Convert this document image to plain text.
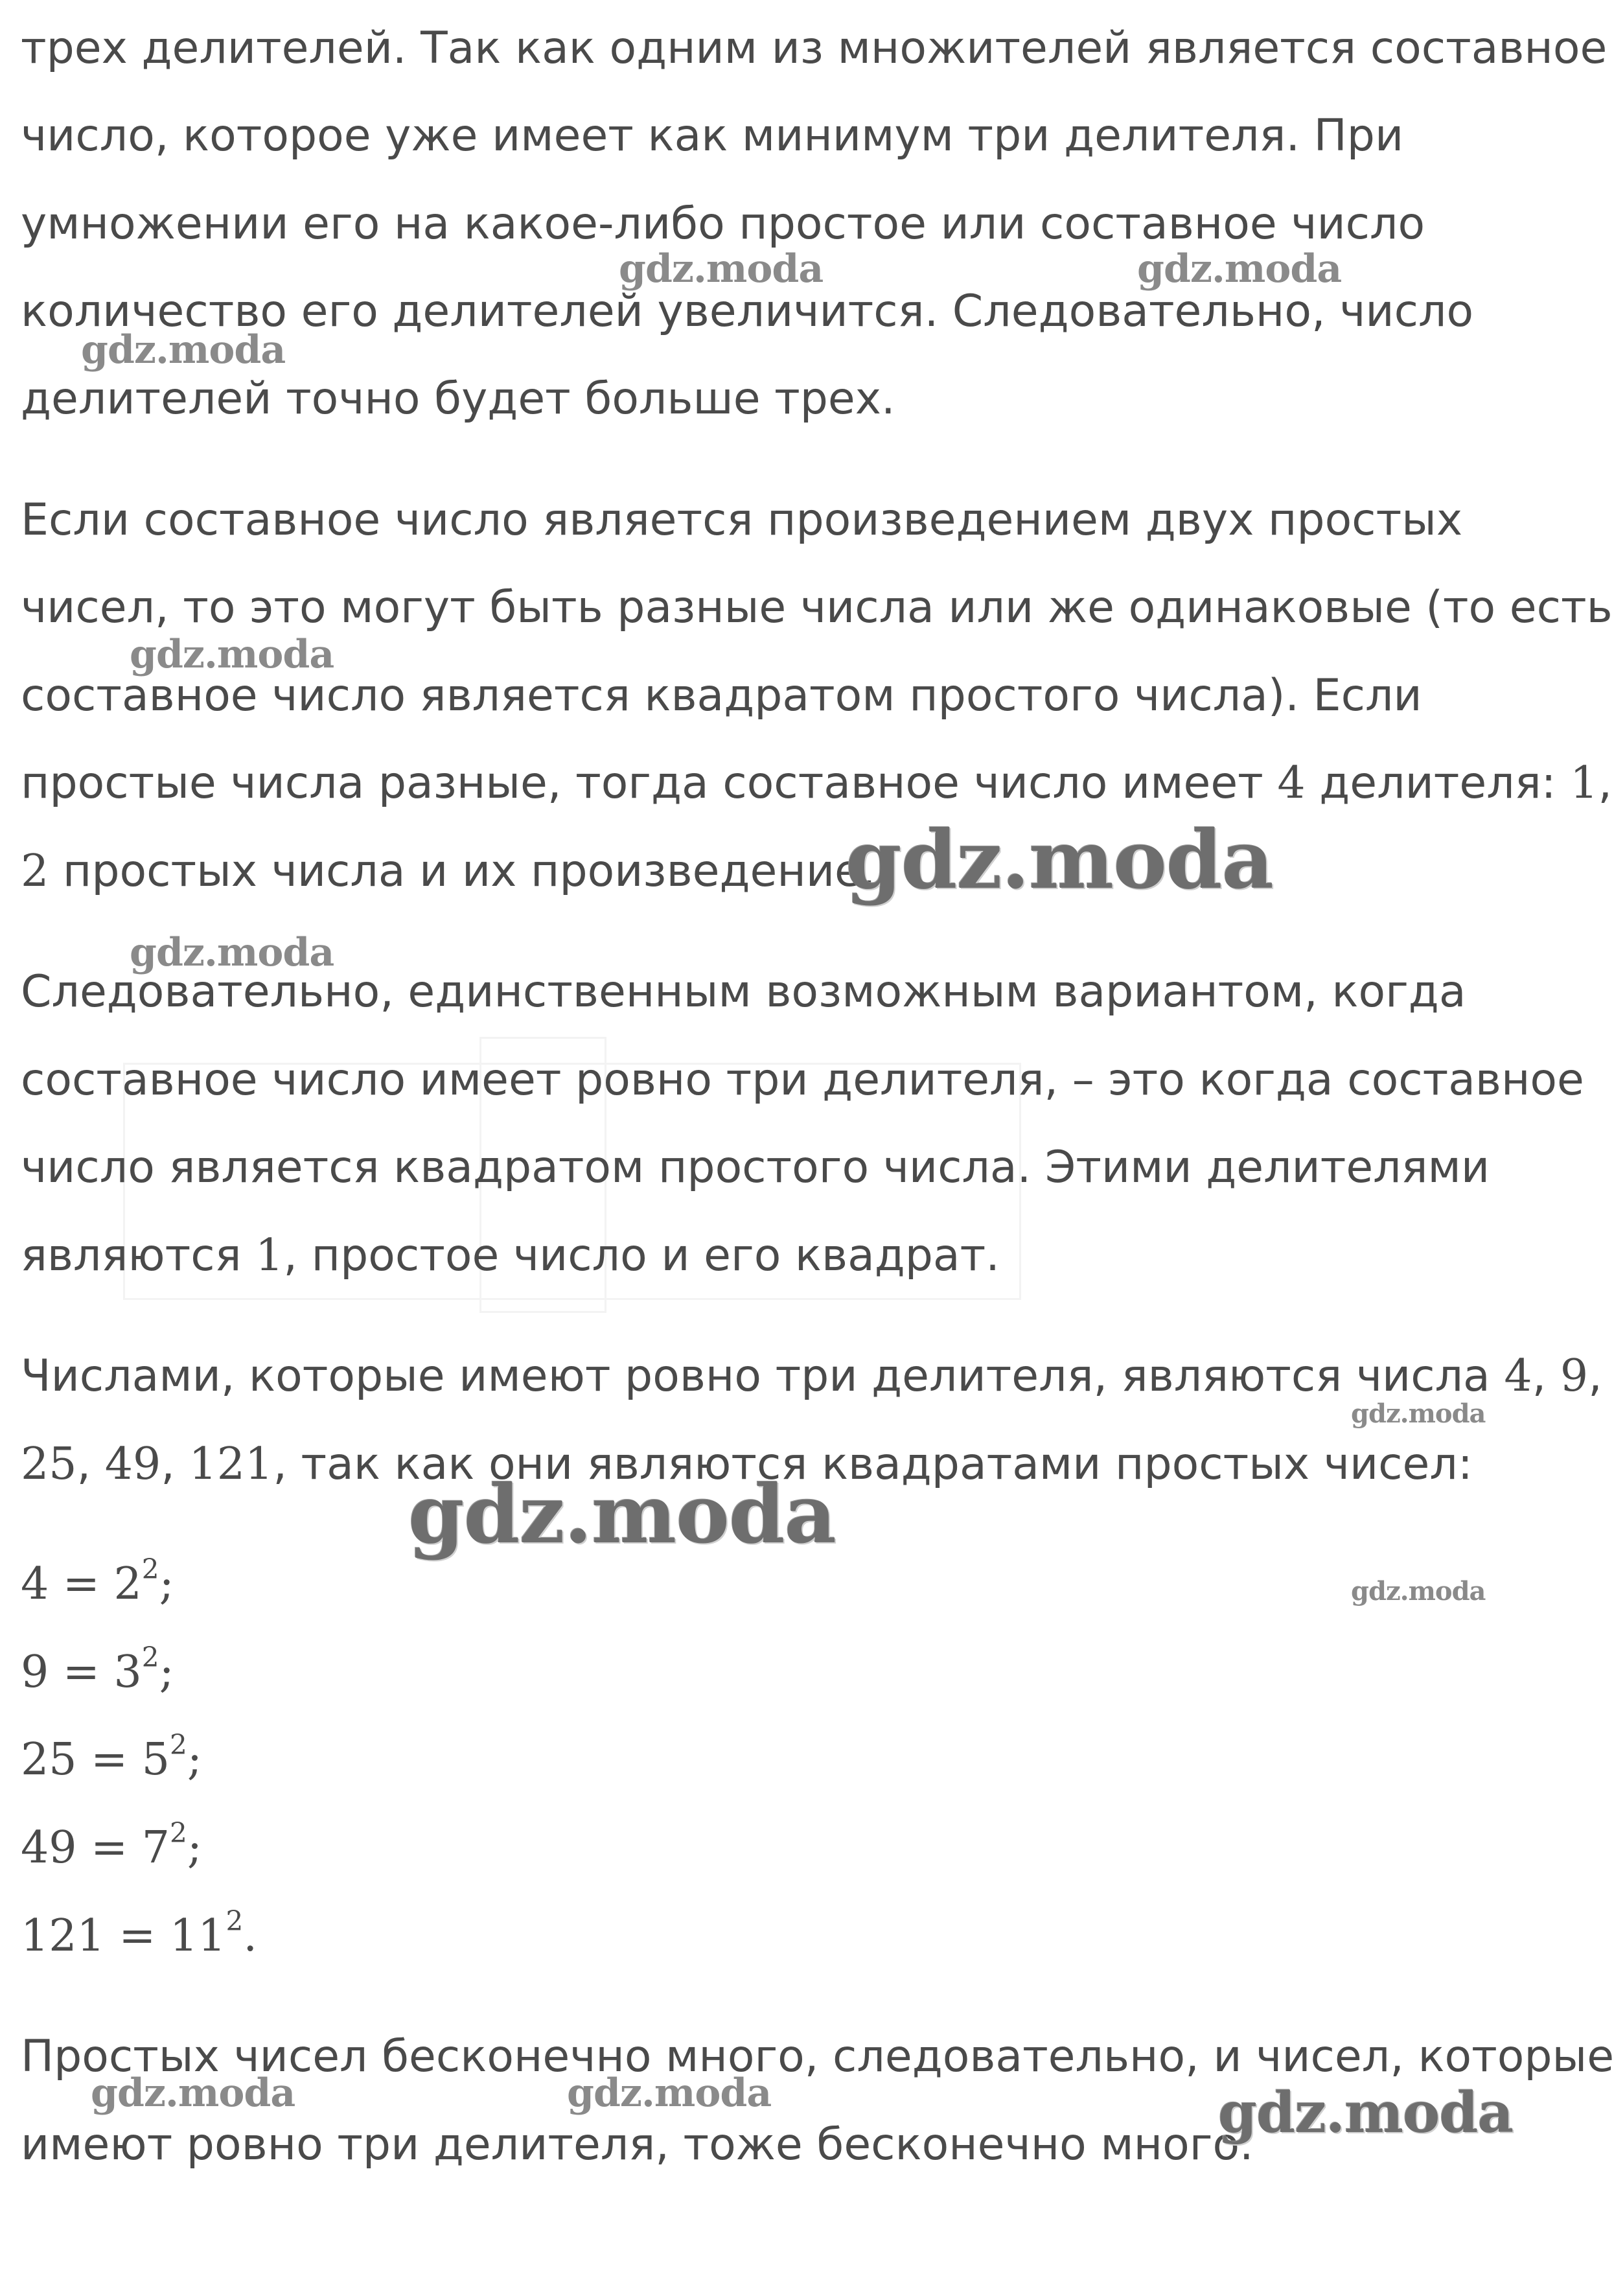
трех делителей. Так как одним из множителей является составное
число, которое уже имеет как минимум три делителя. При
умножении его на какое-либо простое или составное число
количество его делителей увеличится. Следовательно, число
делителей точно будет больше трех.
Если составное число является произведением двух простых
чисел, то это могут быть разные числа или же одинаковые (то есть
составное число является квадратом простого числа). Если
простые числа разные, тогда составное число имеет 4 делителя: 1,
2 простых числа и их произведение.
Следовательно, единственным возможным вариантом, когда
составное число имеет ровно три делителя, – это когда составное
число является квадратом простого числа. Этими делителями
являются 1, простое число и его квадрат.
Числами, которые имеют ровно три делителя, являются числа 4, 9,
25, 49, 121, так как они являются квадратами простых чисел:
$4 = 2^2$;
$9 = 3^2$;
$25 = 5^2$;
$49 = 7^2$;
$121 = 11^2$.
Простых чисел бесконечно много, следовательно, и чисел, которые
имеют ровно три делителя, тоже бесконечно много.
gdz.moda	gdz.moda
gdz.moda
gdz.moda
gdz.moda
gdz.moda
gdz.moda
gdz.moda
gdz.moda
gdz.moda	gdz.moda	gdz.moda
